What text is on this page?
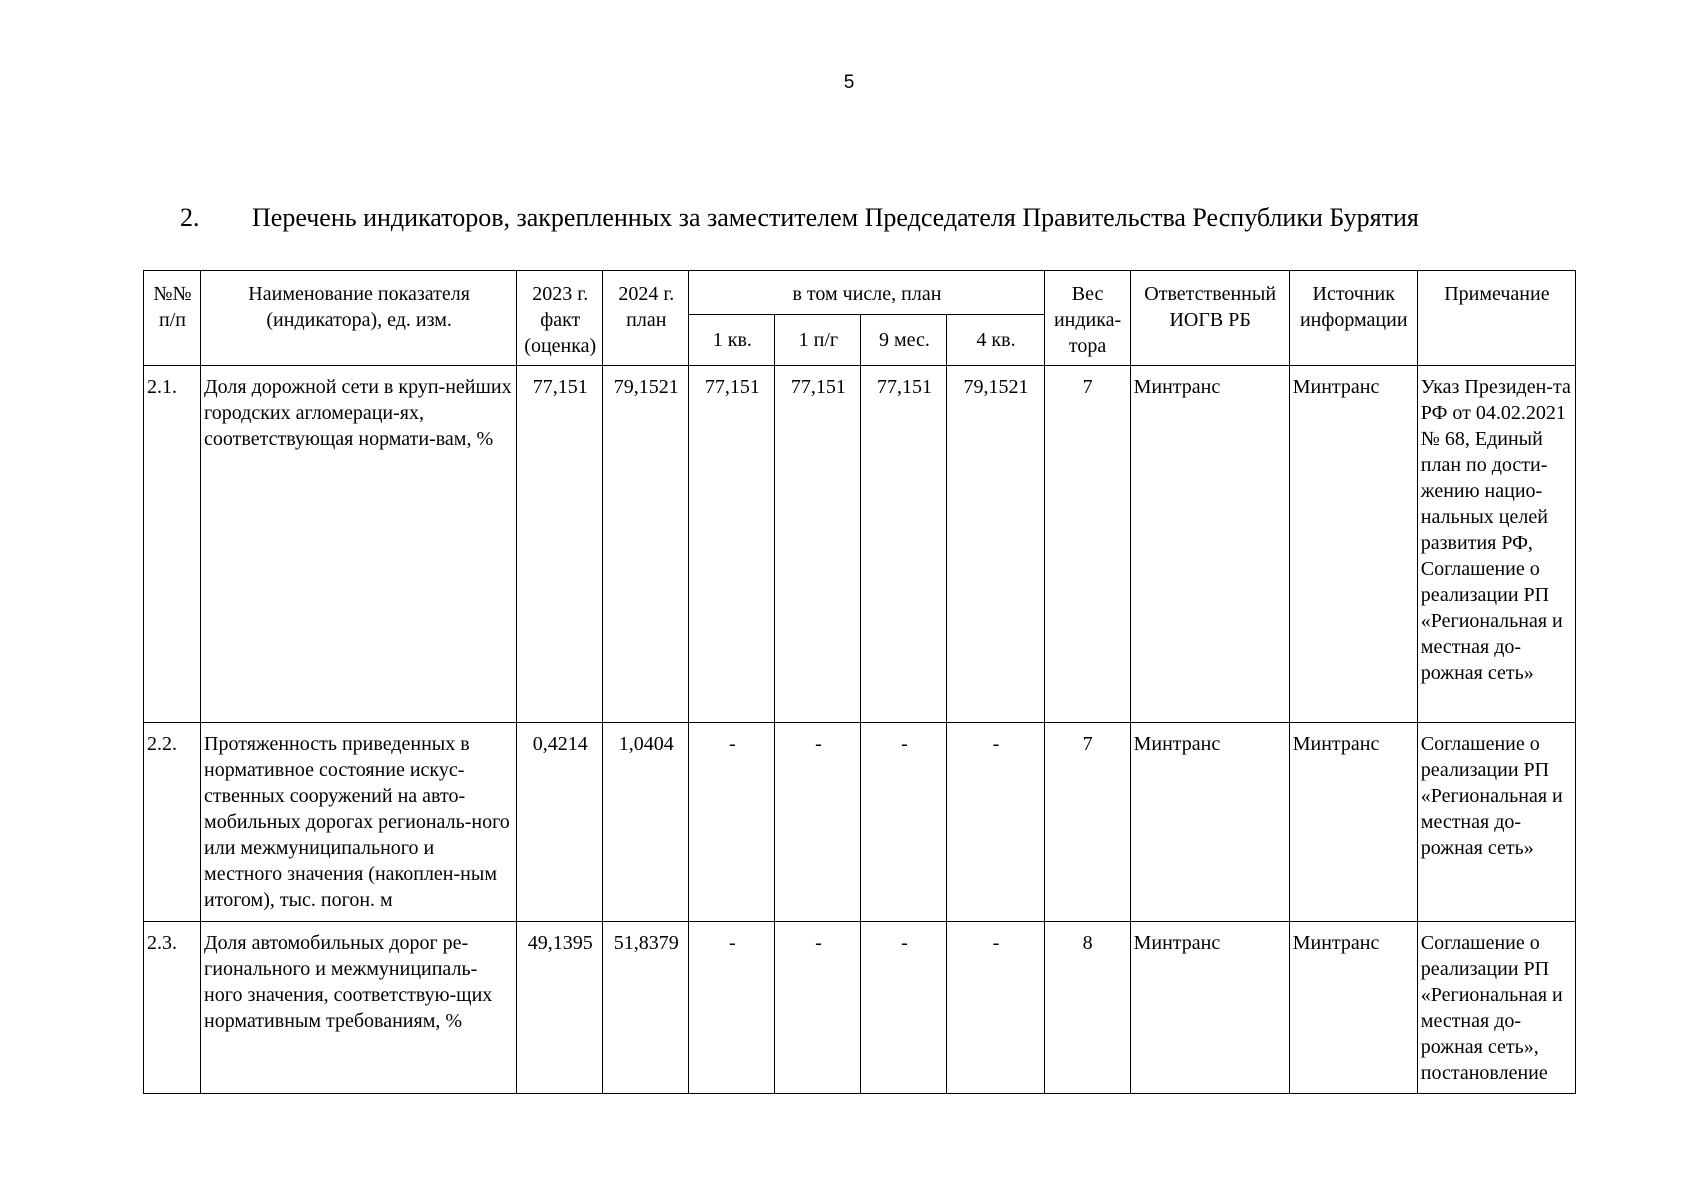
5
2. Перечень индикаторов, закрепленных за заместителем Председателя Правительства Республики Бурятия
№№ п/п	Наименование показателя (индикатора), ед. изм.	2023 г. факт (оценка)	2024 г. план	в том числе, план				Вес индика-тора	Ответственный ИОГВ РБ	Источник информации	Примечание
				1 кв.	1 п/г	9 мес.	4 кв.				
2.1.	Доля дорожной сети в круп-нейших городских агломераци-ях, соответствующая нормати-вам, %	77,151	79,1521	77,151	77,151	77,151	79,1521	7	Минтранс	Минтранс	Указ Президен-та РФ от 04.02.2021 № 68, Единый план по дости-жению нацио-нальных целей развития РФ, Соглашение о реализации РП «Региональная и местная до-рожная сеть»
2.2.	Протяженность приведенных в нормативное состояние искус-ственных сооружений на авто-мобильных дорогах региональ-ного или межмуниципального и местного значения (накоплен-ным итогом), тыс. погон. м	0,4214	1,0404	-	-	-	-	7	Минтранс	Минтранс	Соглашение о реализации РП «Региональная и местная до-рожная сеть»
2.3.	Доля автомобильных дорог ре-гионального и межмуниципаль-ного значения, соответствую-щих нормативным требованиям, %	49,1395	51,8379	-	-	-	-	8	Минтранс	Минтранс	Соглашение о реализации РП «Региональная и местная до-рожная сеть», постановление
